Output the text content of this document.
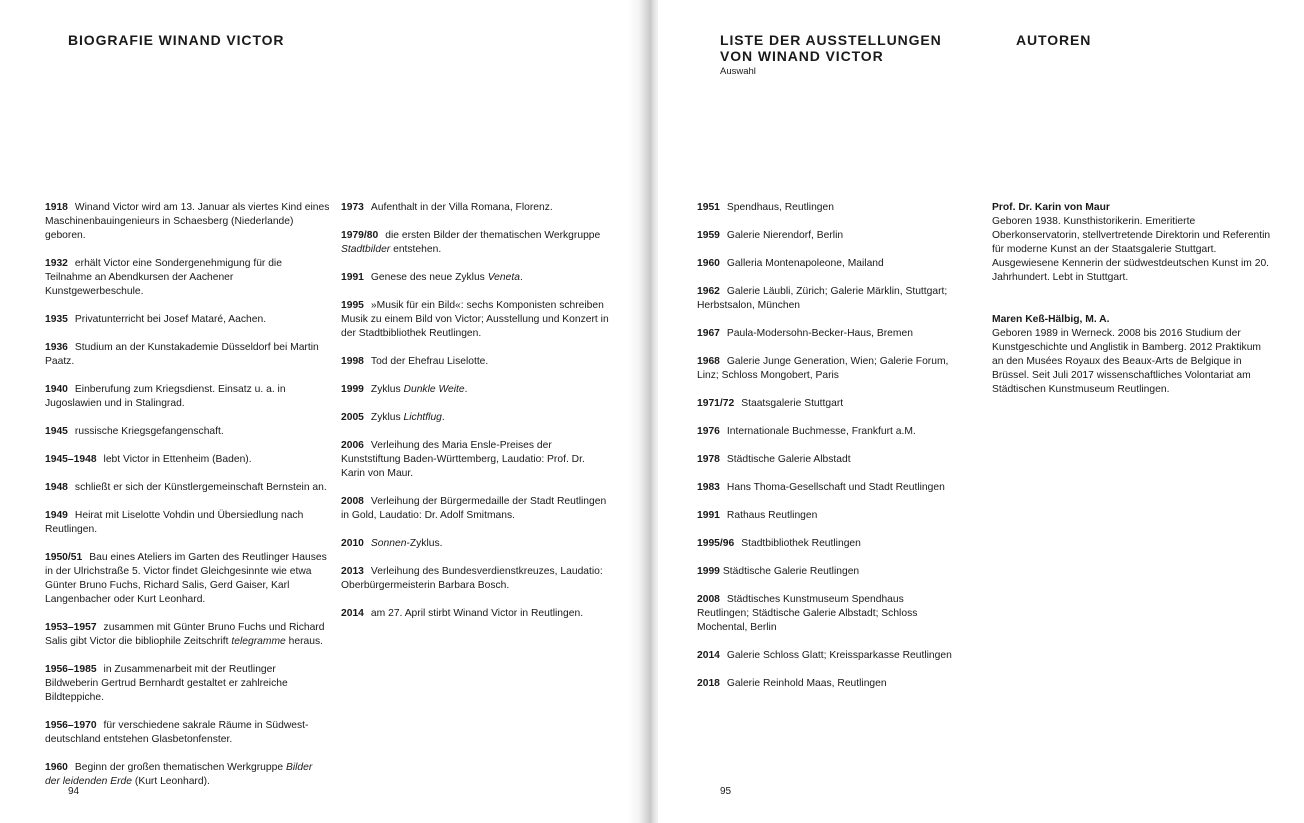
BIOGRAFIE WINAND VICTOR

1918 Winand Victor wird am 13. Januar als viertes Kind eines Maschinenbauingenieurs in Schaesberg (Niederlande) geboren.

1932 erhält Victor eine Sondergenehmigung für die Teilnahme an Abendkursen der Aachener Kunstgewerbeschule.

1935 Privatunterricht bei Josef Mataré, Aachen.

1936 Studium an der Kunstakademie Düsseldorf bei Martin Paatz.

1940 Einberufung zum Kriegsdienst. Einsatz u. a. in Jugoslawien und in Stalingrad.

1945 russische Kriegsgefangenschaft.

1945–1948 lebt Victor in Ettenheim (Baden).

1948 schließt er sich der Künstlergemeinschaft Bernstein an.

1949 Heirat mit Liselotte Vohdin und Übersiedlung nach Reutlingen.

1950/51 Bau eines Ateliers im Garten des Reutlinger Hauses in der Ulrichstraße 5. Victor findet Gleichgesinnte wie etwa Günter Bruno Fuchs, Richard Salis, Gerd Gaiser, Karl Langenbacher oder Kurt Leonhard.

1953–1957 zusammen mit Günter Bruno Fuchs und Richard Salis gibt Victor die bibliophile Zeitschrift telegramme heraus.

1956–1985 in Zusammenarbeit mit der Reutlinger Bildweberin Gertrud Bernhardt gestaltet er zahlreiche Bildteppiche.

1956–1970 für verschiedene sakrale Räume in Südwestdeutschland entstehen Glasbetonfenster.

1960 Beginn der großen thematischen Werkgruppe Bilder der leidenden Erde (Kurt Leonhard).

1973 Aufenthalt in der Villa Romana, Florenz.

1979/80 die ersten Bilder der thematischen Werkgruppe Stadtbilder entstehen.

1991 Genese des neue Zyklus Veneta.

1995 »Musik für ein Bild«: sechs Komponisten schreiben Musik zu einem Bild von Victor; Ausstellung und Konzert in der Stadtbibliothek Reutlingen.

1998 Tod der Ehefrau Liselotte.

1999 Zyklus Dunkle Weite.

2005 Zyklus Lichtflug.

2006 Verleihung des Maria Ensle-Preises der Kunststiftung Baden-Württemberg, Laudatio: Prof. Dr. Karin von Maur.

2008 Verleihung der Bürgermedaille der Stadt Reutlingen in Gold, Laudatio: Dr. Adolf Smitmans.

2010 Sonnen-Zyklus.

2013 Verleihung des Bundesverdienstkreuzes, Laudatio: Oberbürgermeisterin Barbara Bosch.

2014 am 27. April stirbt Winand Victor in Reutlingen.

94
LISTE DER AUSSTELLUNGEN
VON WINAND VICTOR

Auswahl

AUTOREN

1951 Spendhaus, Reutlingen

1959 Galerie Nierendorf, Berlin

1960 Galleria Montenapoleone, Mailand

1962 Galerie Läubli, Zürich; Galerie Märklin, Stuttgart; Herbstsalon, München

1967 Paula-Modersohn-Becker-Haus, Bremen

1968 Galerie Junge Generation, Wien; Galerie Forum, Linz; Schloss Mongobert, Paris

1971/72 Staatsgalerie Stuttgart

1976 Internationale Buchmesse, Frankfurt a.M.

1978 Städtische Galerie Albstadt

1983 Hans Thoma-Gesellschaft und Stadt Reutlingen

1991 Rathaus Reutlingen

1995/96 Stadtbibliothek Reutlingen

1999 Städtische Galerie Reutlingen

2008 Städtisches Kunstmuseum Spendhaus Reutlingen; Städtische Galerie Albstadt; Schloss Mochental, Berlin

2014 Galerie Schloss Glatt; Kreissparkasse Reutlingen

2018 Galerie Reinhold Maas, Reutlingen

Prof. Dr. Karin von Maur
Geboren 1938. Kunsthistorikerin. Emeritierte Oberkonservatorin, stellvertretende Direktorin und Referentin für moderne Kunst an der Staatsgalerie Stuttgart. Ausgewiesene Kennerin der südwestdeutschen Kunst im 20. Jahrhundert. Lebt in Stuttgart.

Maren Keß-Hälbig, M. A.
Geboren 1989 in Werneck. 2008 bis 2016 Studium der Kunstgeschichte und Anglistik in Bamberg. 2012 Praktikum an den Musées Royaux des Beaux-Arts de Belgique in Brüssel. Seit Juli 2017 wissenschaftliches Volontariat am Städtischen Kunstmuseum Reutlingen.

95
